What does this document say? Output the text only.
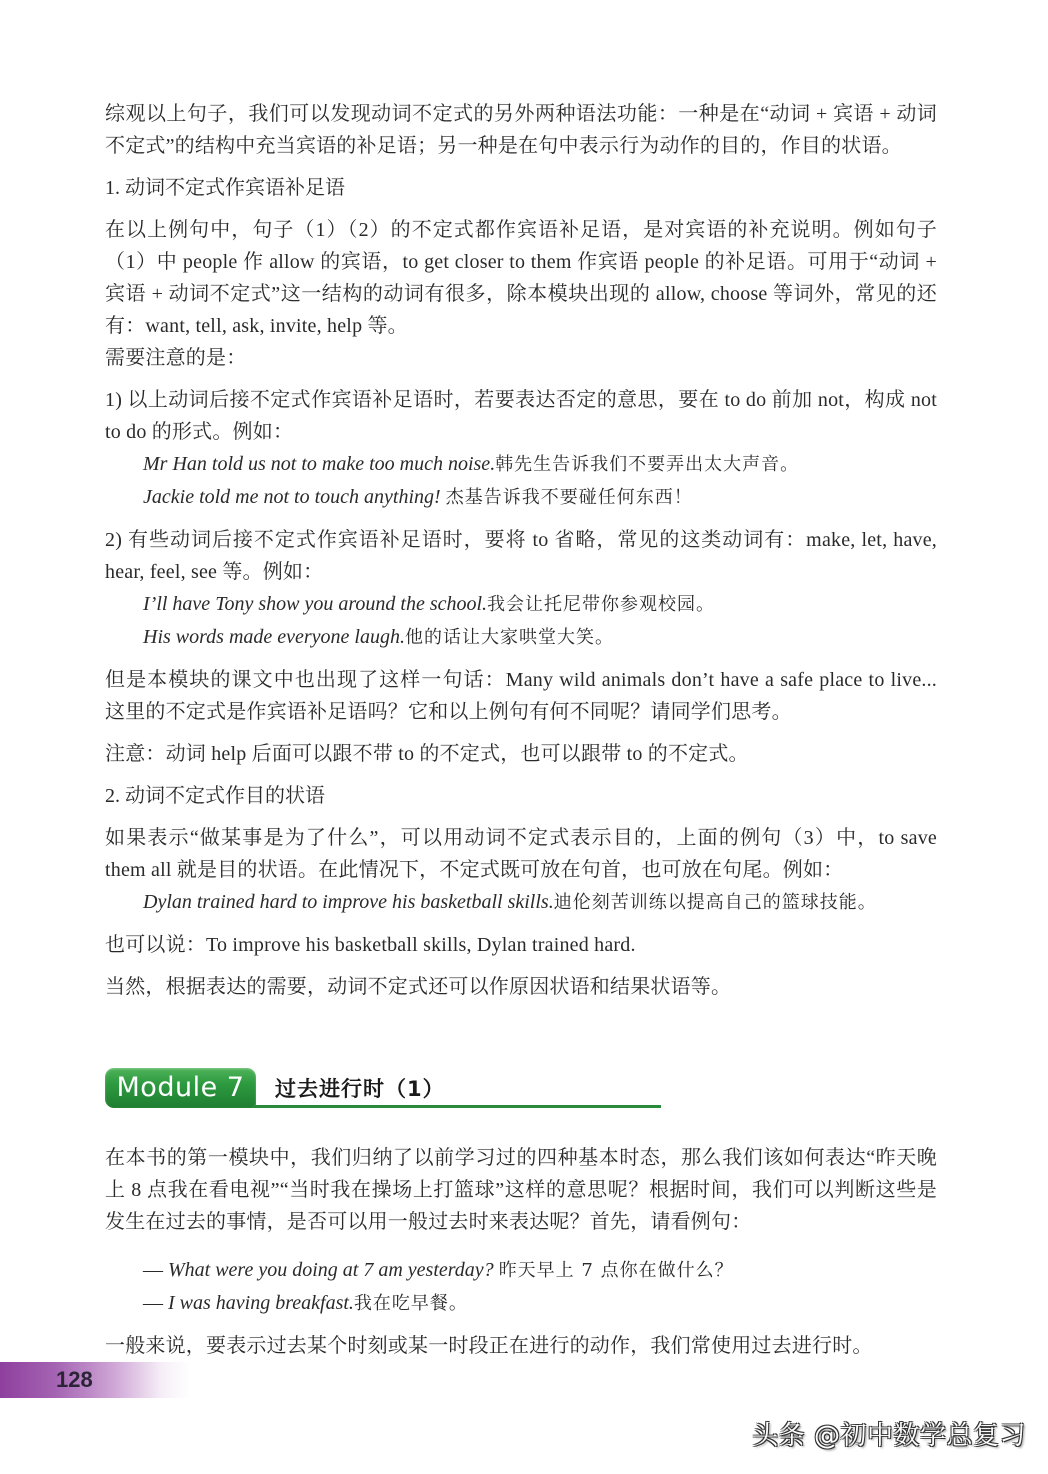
综观以上句子，我们可以发现动词不定式的另外两种语法功能：一种是在“动词 + 宾语 + 动词不定式”的结构中充当宾语的补足语；另一种是在句中表示行为动作的目的，作目的状语。

1. 动词不定式作宾语补足语

在以上例句中，句子（1）（2）的不定式都作宾语补足语，是对宾语的补充说明。例如句子（1）中 people 作 allow 的宾语，to get closer to them 作宾语 people 的补足语。可用于“动词 + 宾语 + 动词不定式”这一结构的动词有很多，除本模块出现的 allow, choose 等词外，常见的还有：want, tell, ask, invite, help 等。

需要注意的是：

1) 以上动词后接不定式作宾语补足语时，若要表达否定的意思，要在 to do 前加 not，构成 not to do 的形式。例如：

Mr Han told us not to make too much noise.韩先生告诉我们不要弄出太大声音。
Jackie told me not to touch anything! 杰基告诉我不要碰任何东西！

2) 有些动词后接不定式作宾语补足语时，要将 to 省略，常见的这类动词有：make, let, have, hear, feel, see 等。例如：

I’ll have Tony show you around the school.我会让托尼带你参观校园。
His words made everyone laugh.他的话让大家哄堂大笑。

但是本模块的课文中也出现了这样一句话：Many wild animals don’t have a safe place to live... 这里的不定式是作宾语补足语吗？它和以上例句有何不同呢？请同学们思考。

注意：动词 help 后面可以跟不带 to 的不定式，也可以跟带 to 的不定式。

2. 动词不定式作目的状语

如果表示“做某事是为了什么”，可以用动词不定式表示目的，上面的例句（3）中，to save them all 就是目的状语。在此情况下，不定式既可放在句首，也可放在句尾。例如：

Dylan trained hard to improve his basketball skills.迪伦刻苦训练以提高自己的篮球技能。

也可以说：To improve his basketball skills, Dylan trained hard.

当然，根据表达的需要，动词不定式还可以作原因状语和结果状语等。

Module 7	过去进行时（1）

在本书的第一模块中，我们归纳了以前学习过的四种基本时态，那么我们该如何表达“昨天晚上 8 点我在看电视”“当时我在操场上打篮球”这样的意思呢？根据时间，我们可以判断这些是发生在过去的事情，是否可以用一般过去时来表达呢？首先，请看例句：

— What were you doing at 7 am yesterday? 昨天早上 7 点你在做什么？
— I was having breakfast.我在吃早餐。

一般来说，要表示过去某个时刻或某一时段正在进行的动作，我们常使用过去进行时。

128
头条 @初中数学总复习
